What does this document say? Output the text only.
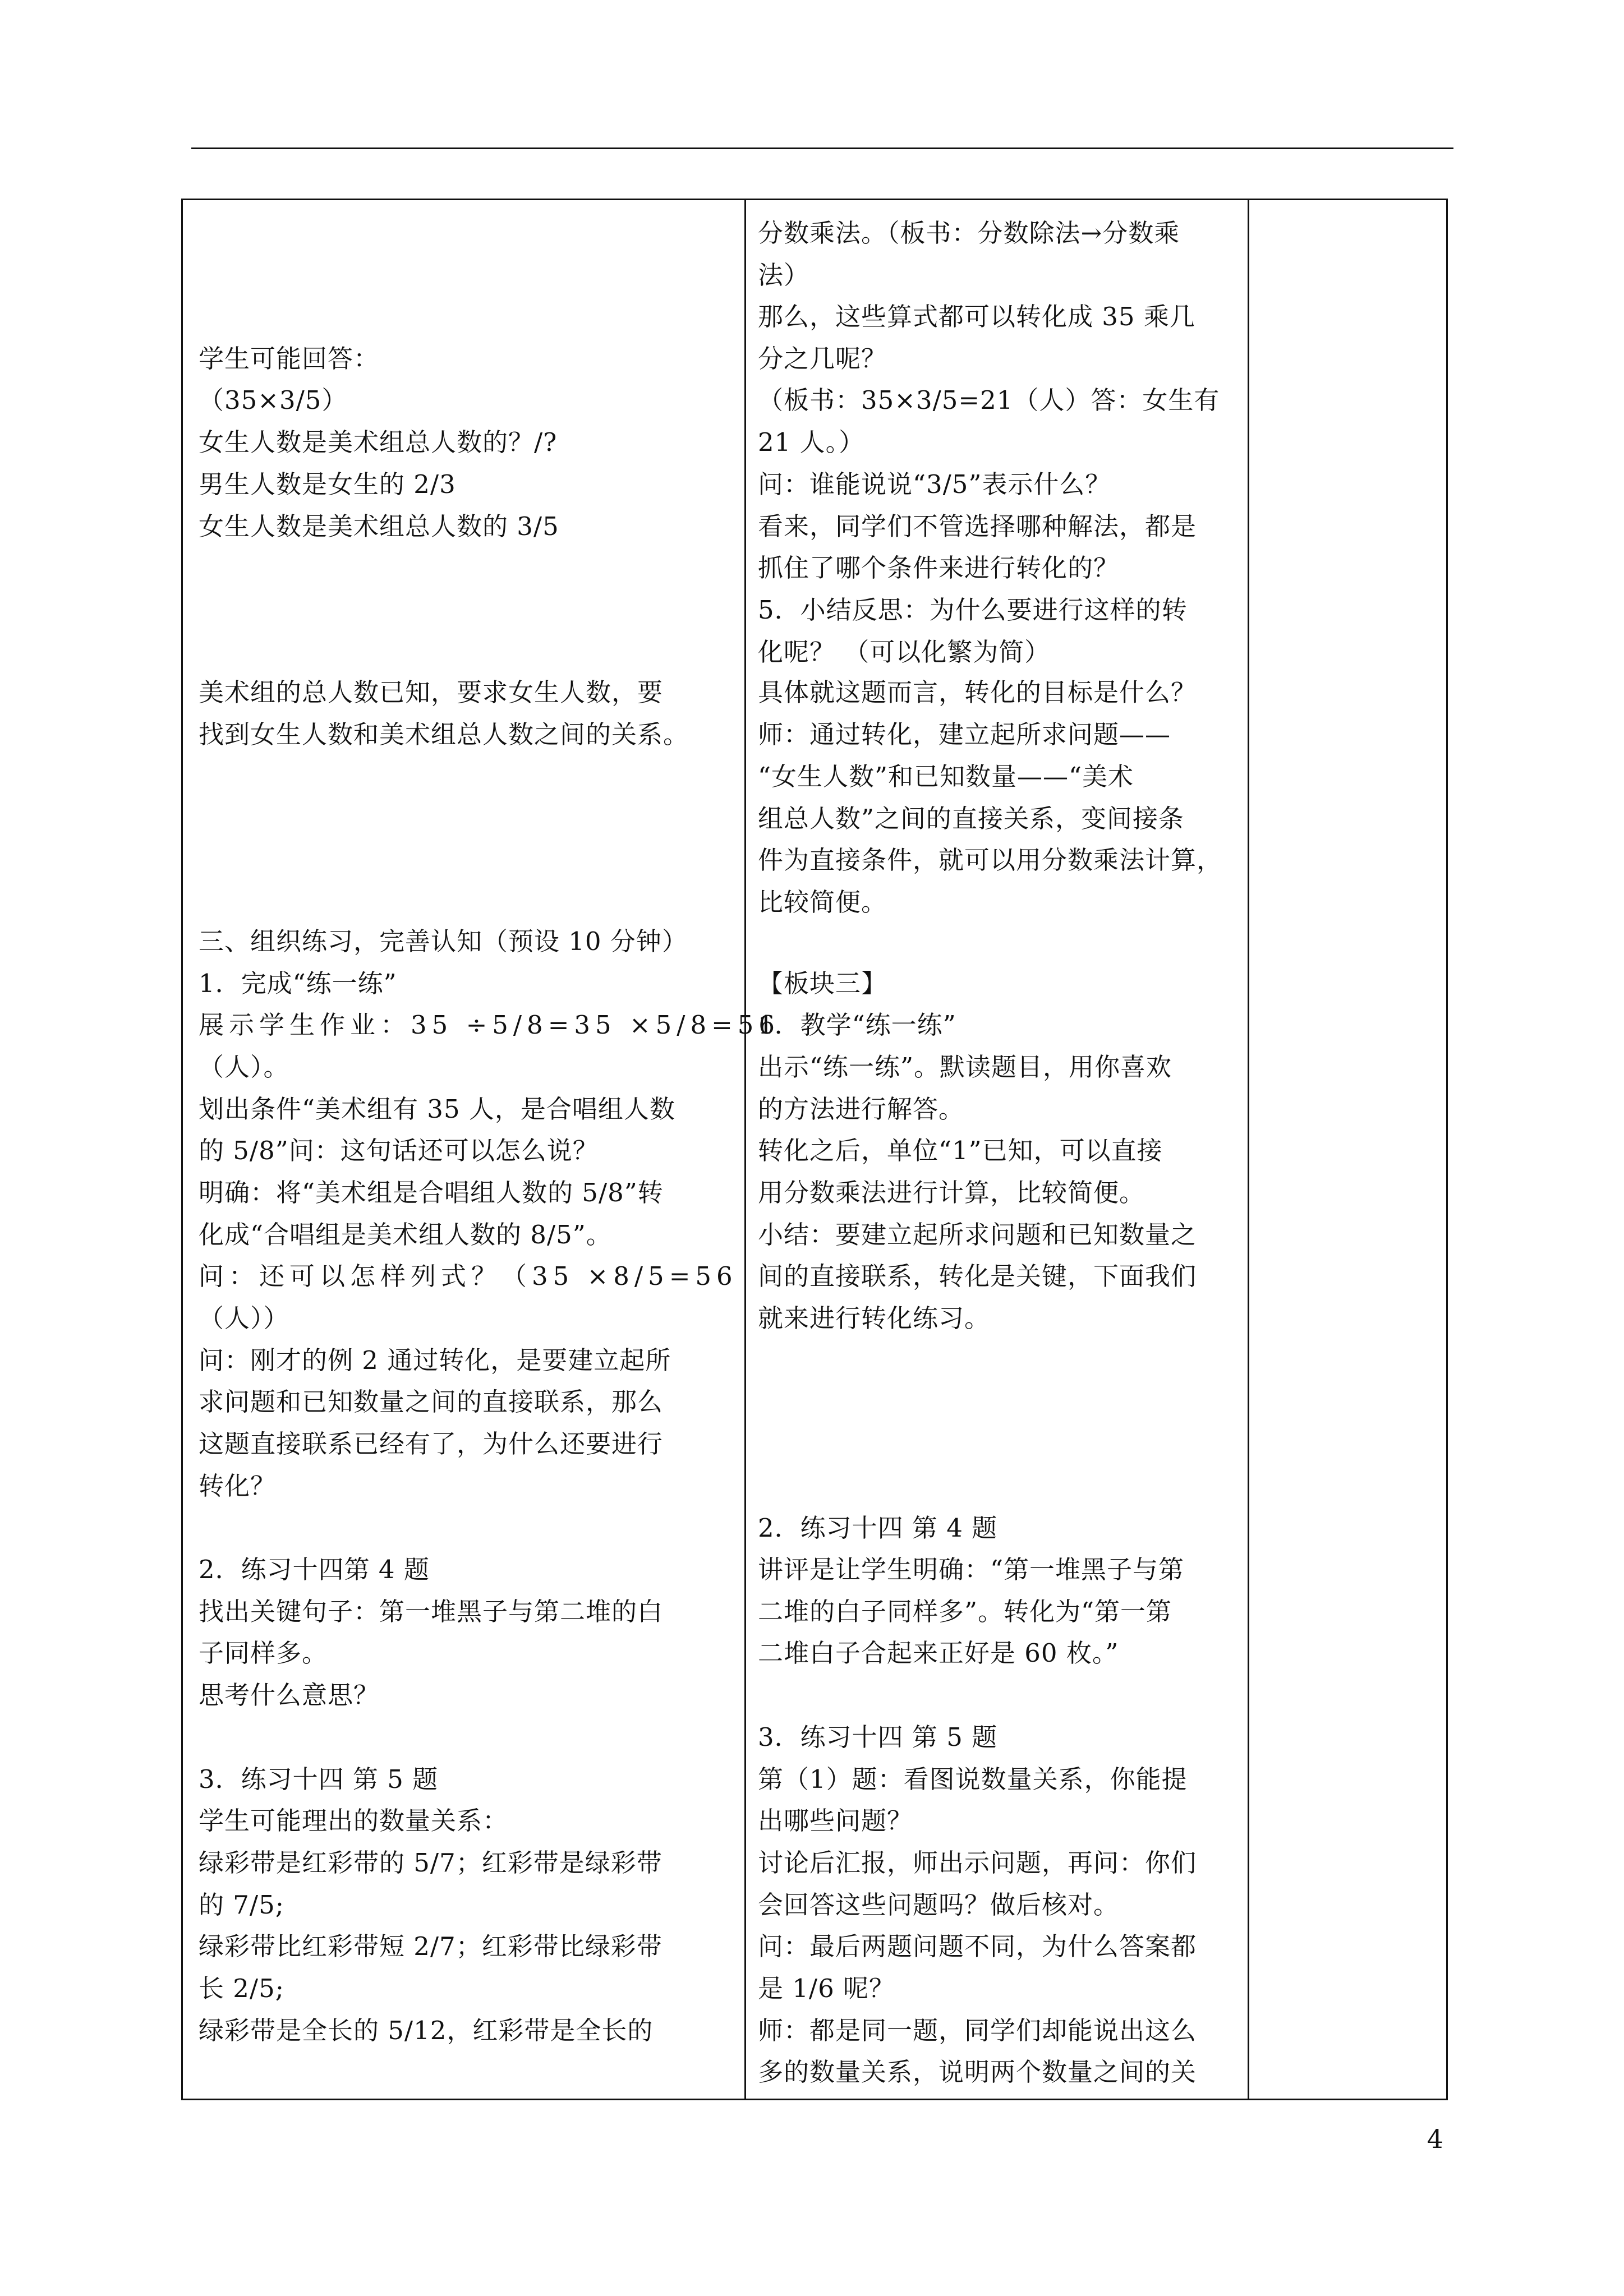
学生可能回答：
（35×3/5）
女生人数是美术组总人数的？/?
男生人数是女生的 2/3
女生人数是美术组总人数的 3/5
美术组的总人数已知，要求女生人数，要
找到女生人数和美术组总人数之间的关系。
三、组织练习，完善认知（预设 10 分钟）
1．完成“练一练”
展示学生作业：35 ÷5/8=35 ×5/8=56
（人）。
划出条件“美术组有 35 人，是合唱组人数
的 5/8”问：这句话还可以怎么说？
明确：将“美术组是合唱组人数的 5/8”转
化成“合唱组是美术组人数的 8/5”。
问：还可以怎样列式？（35 ×8/5=56
（人））
问：刚才的例 2 通过转化，是要建立起所
求问题和已知数量之间的直接联系，那么
这题直接联系已经有了，为什么还要进行
转化？
2．练习十四第 4 题
找出关键句子：第一堆黑子与第二堆的白
子同样多。
思考什么意思？
3．练习十四 第 5 题
学生可能理出的数量关系：
绿彩带是红彩带的 5/7；红彩带是绿彩带
的 7/5;
绿彩带比红彩带短 2/7；红彩带比绿彩带
长 2/5;
绿彩带是全长的 5/12，红彩带是全长的
分数乘法。（板书：分数除法→分数乘
法）
那么，这些算式都可以转化成 35 乘几
分之几呢？
（板书：35×3/5=21（人）答：女生有
21 人。）
问：谁能说说“3/5”表示什么？
看来，同学们不管选择哪种解法，都是
抓住了哪个条件来进行转化的？
5．小结反思：为什么要进行这样的转
化呢？ （可以化繁为简）
具体就这题而言，转化的目标是什么？
师：通过转化，建立起所求问题——
“女生人数”和已知数量——“美术
组总人数”之间的直接关系，变间接条
件为直接条件，就可以用分数乘法计算，
比较简便。
【板块三】
1．教学“练一练”
出示“练一练”。默读题目，用你喜欢
的方法进行解答。
转化之后，单位“1”已知，可以直接
用分数乘法进行计算，比较简便。
小结：要建立起所求问题和已知数量之
间的直接联系，转化是关键，下面我们
就来进行转化练习。
2．练习十四 第 4 题
讲评是让学生明确：“第一堆黑子与第
二堆的白子同样多”。转化为“第一第
二堆白子合起来正好是 60 枚。”
3．练习十四 第 5 题
第（1）题：看图说数量关系，你能提
出哪些问题？
讨论后汇报，师出示问题，再问：你们
会回答这些问题吗？做后核对。
问：最后两题问题不同，为什么答案都
是 1/6 呢？
师：都是同一题，同学们却能说出这么
多的数量关系，说明两个数量之间的关
4
